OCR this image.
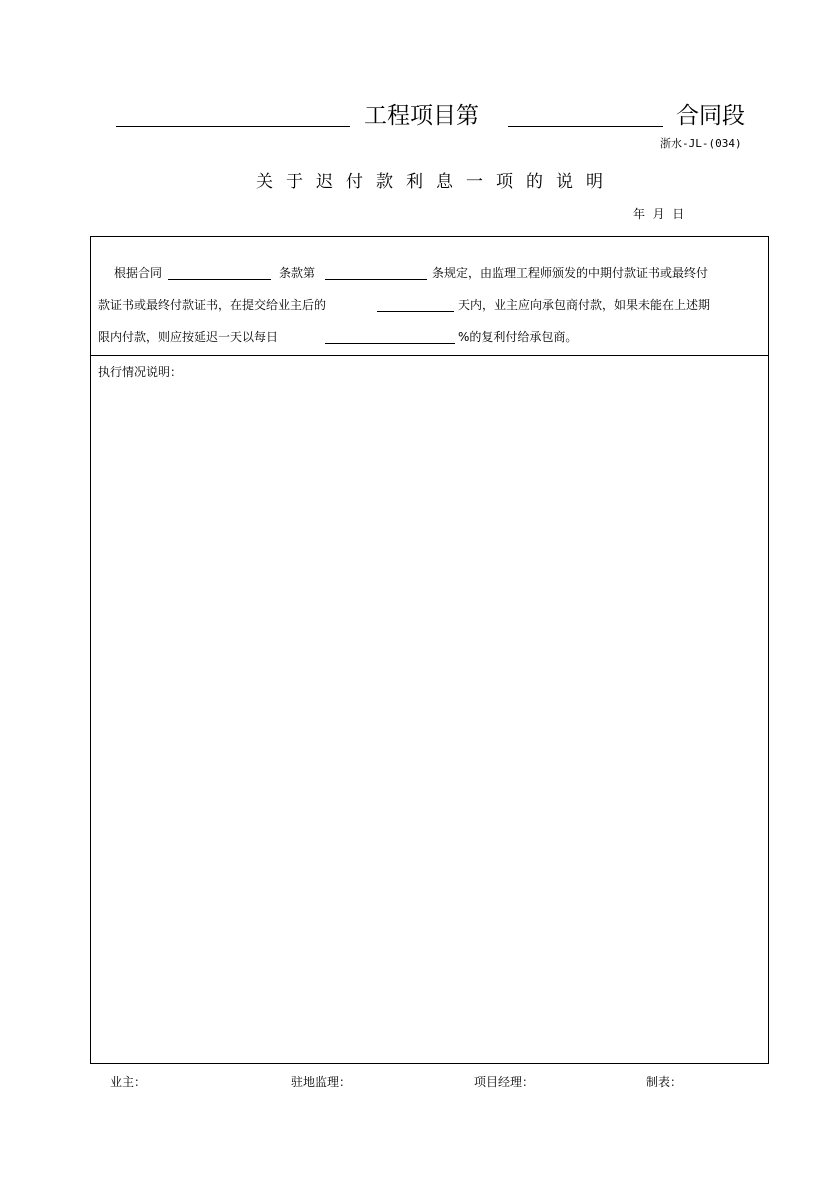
工程项目第	合同段
浙水-JL-(034)
关于迟付款利息一项的说明
年  月  日
根据合同	条款第	条规定，由监理工程师颁发的中期付款证书或最终付
款证书或最终付款证书，在提交给业主后的	天内，业主应向承包商付款，如果未能在上述期
限内付款，则应按延迟一天以每日	%的复利付给承包商。
执行情况说明：
业主：	驻地监理：	项目经理：	制表：
